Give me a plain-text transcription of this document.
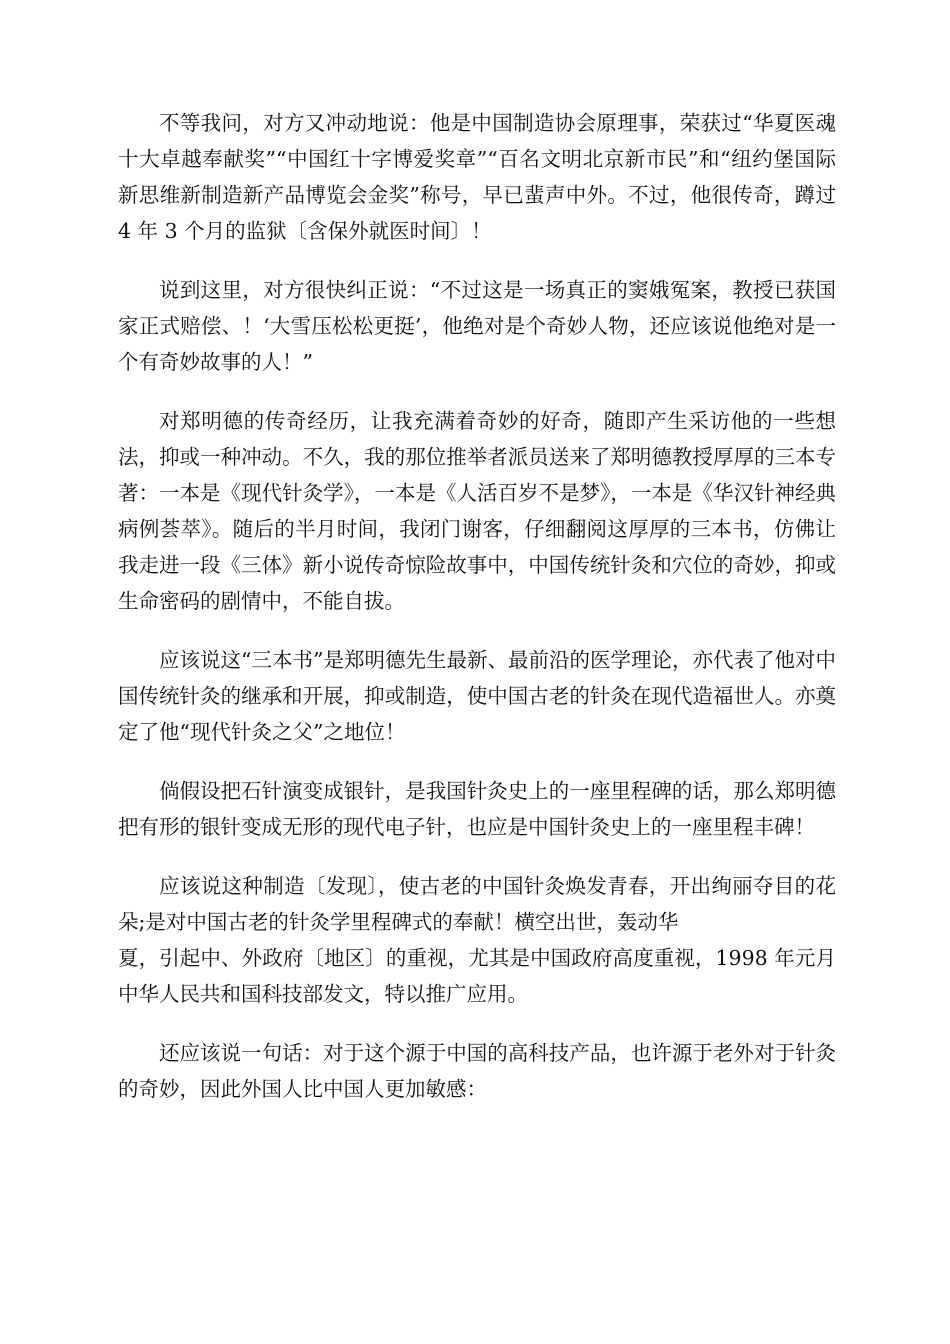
不等我问，对方又冲动地说：他是中国制造协会原理事，荣获过“华夏医魂十大卓越奉献奖”“中国红十字博爱奖章”“百名文明北京新市民”和“纽约堡国际新思维新制造新产品博览会金奖”称号，早已蜚声中外。不过，他很传奇，蹲过 4 年 3 个月的监狱〔含保外就医时间〕！

说到这里，对方很快纠正说：“不过这是一场真正的窦娥冤案，教授已获国家正式赔偿、！‘大雪压松松更挺’，他绝对是个奇妙人物，还应该说他绝对是一个有奇妙故事的人！”

对郑明德的传奇经历，让我充满着奇妙的好奇，随即产生采访他的一些想法，抑或一种冲动。不久，我的那位推举者派员送来了郑明德教授厚厚的三本专著：一本是《现代针灸学》，一本是《人活百岁不是梦》，一本是《华汉针神经典病例荟萃》。随后的半月时间，我闭门谢客，仔细翻阅这厚厚的三本书，仿佛让我走进一段《三体》新小说传奇惊险故事中，中国传统针灸和穴位的奇妙，抑或生命密码的剧情中，不能自拔。

应该说这“三本书”是郑明德先生最新、最前沿的医学理论，亦代表了他对中国传统针灸的继承和开展，抑或制造，使中国古老的针灸在现代造福世人。亦奠定了他“现代针灸之父”之地位！

倘假设把石针演变成银针，是我国针灸史上的一座里程碑的话，那么郑明德把有形的银针变成无形的现代电子针，也应是中国针灸史上的一座里程丰碑！

应该说这种制造〔发现〕，使古老的中国针灸焕发青春，开出绚丽夺目的花朵;是对中国古老的针灸学里程碑式的奉献！横空出世，轰动华
夏，引起中、外政府〔地区〕的重视，尤其是中国政府高度重视，1998 年元月中华人民共和国科技部发文，特以推广应用。

还应该说一句话：对于这个源于中国的高科技产品，也许源于老外对于针灸的奇妙，因此外国人比中国人更加敏感：
